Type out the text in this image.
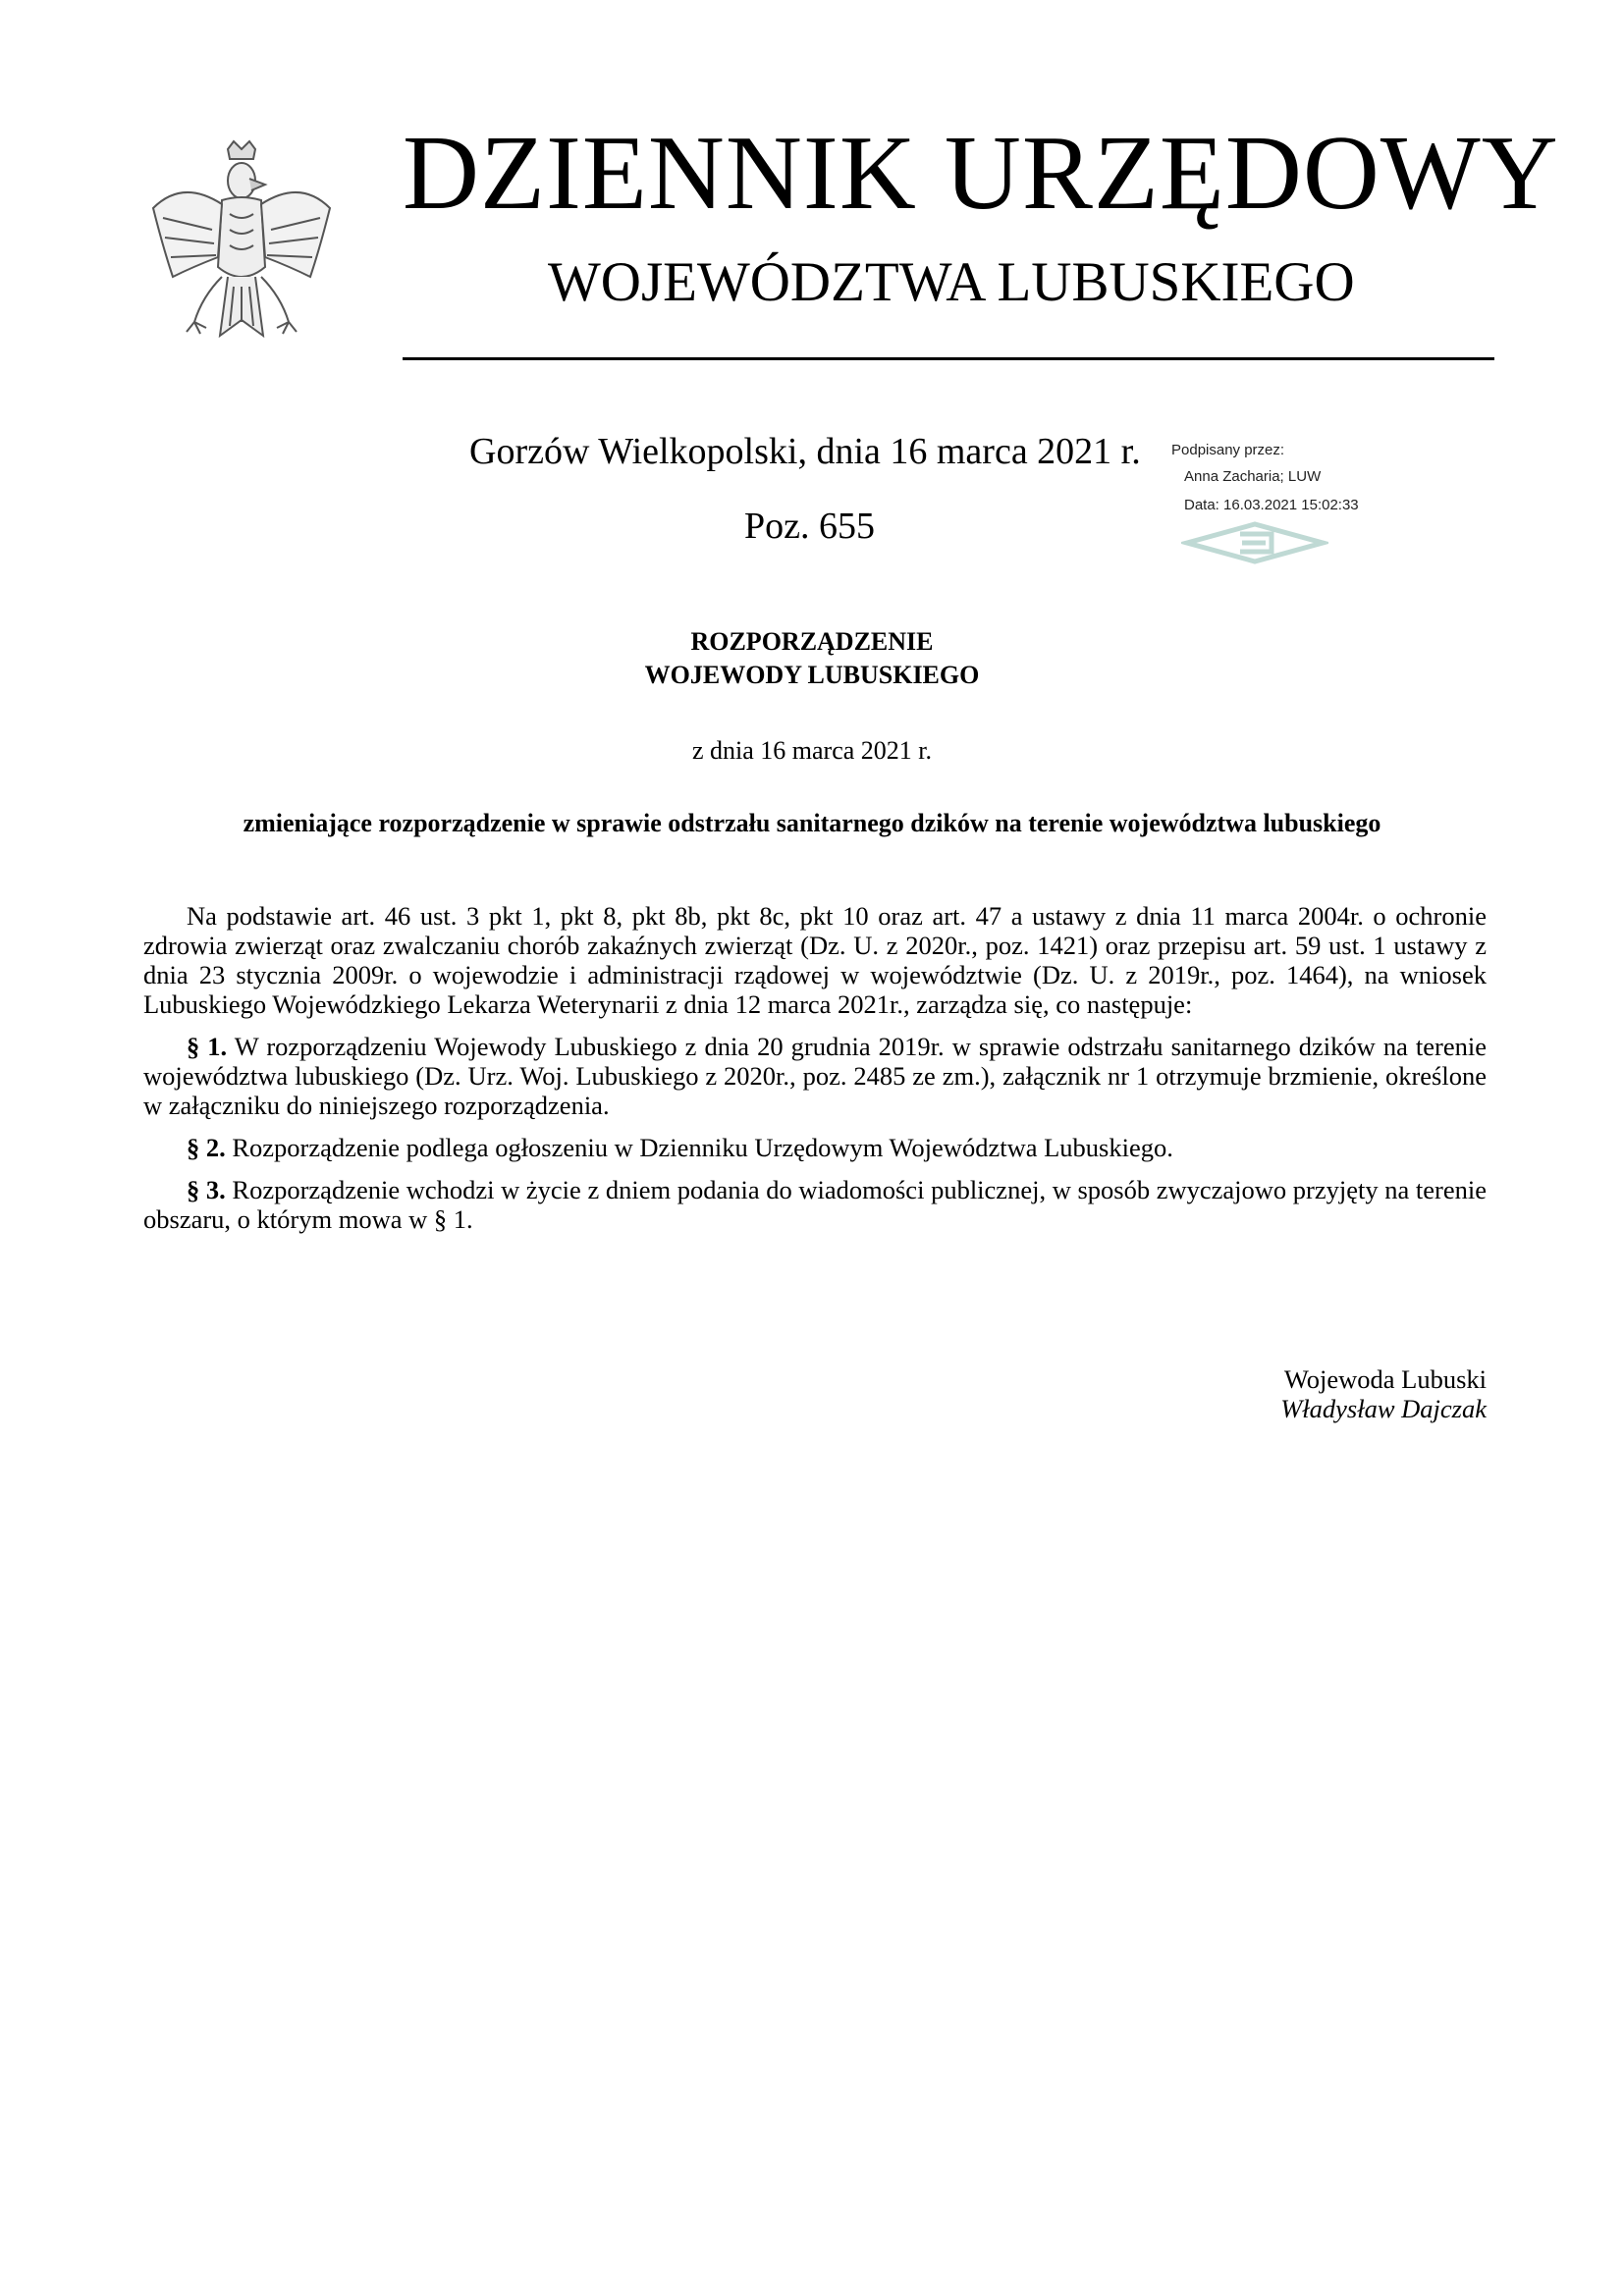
DZIENNIK URZĘDOWY
WOJEWÓDZTWA LUBUSKIEGO
Gorzów Wielkopolski, dnia 16 marca 2021 r.
Poz. 655
Podpisany przez:
Anna Zacharia; LUW
Data: 16.03.2021 15:02:33
ROZPORZĄDZENIE
WOJEWODY LUBUSKIEGO
z dnia 16 marca 2021 r.
zmieniające rozporządzenie w sprawie odstrzału sanitarnego dzików na terenie województwa lubuskiego

Na podstawie art. 46 ust. 3 pkt 1, pkt 8, pkt 8b, pkt 8c, pkt 10 oraz art. 47 a ustawy z dnia 11 marca 2004r. o ochronie zdrowia zwierząt oraz zwalczaniu chorób zakaźnych zwierząt (Dz. U. z 2020r., poz. 1421) oraz przepisu art. 59 ust. 1 ustawy z dnia 23 stycznia 2009r. o wojewodzie i administracji rządowej w województwie (Dz. U. z 2019r., poz. 1464), na wniosek Lubuskiego Wojewódzkiego Lekarza Weterynarii z dnia 12 marca 2021r., zarządza się, co następuje:

§ 1. W rozporządzeniu Wojewody Lubuskiego z dnia 20 grudnia 2019r. w sprawie odstrzału sanitarnego dzików na terenie województwa lubuskiego (Dz. Urz. Woj. Lubuskiego z 2020r., poz. 2485 ze zm.), załącznik nr 1 otrzymuje brzmienie, określone w załączniku do niniejszego rozporządzenia.

§ 2. Rozporządzenie podlega ogłoszeniu w Dzienniku Urzędowym Województwa Lubuskiego.

§ 3. Rozporządzenie wchodzi w życie z dniem podania do wiadomości publicznej, w sposób zwyczajowo przyjęty na terenie obszaru, o którym mowa w § 1.

Wojewoda Lubuski
Władysław Dajczak
